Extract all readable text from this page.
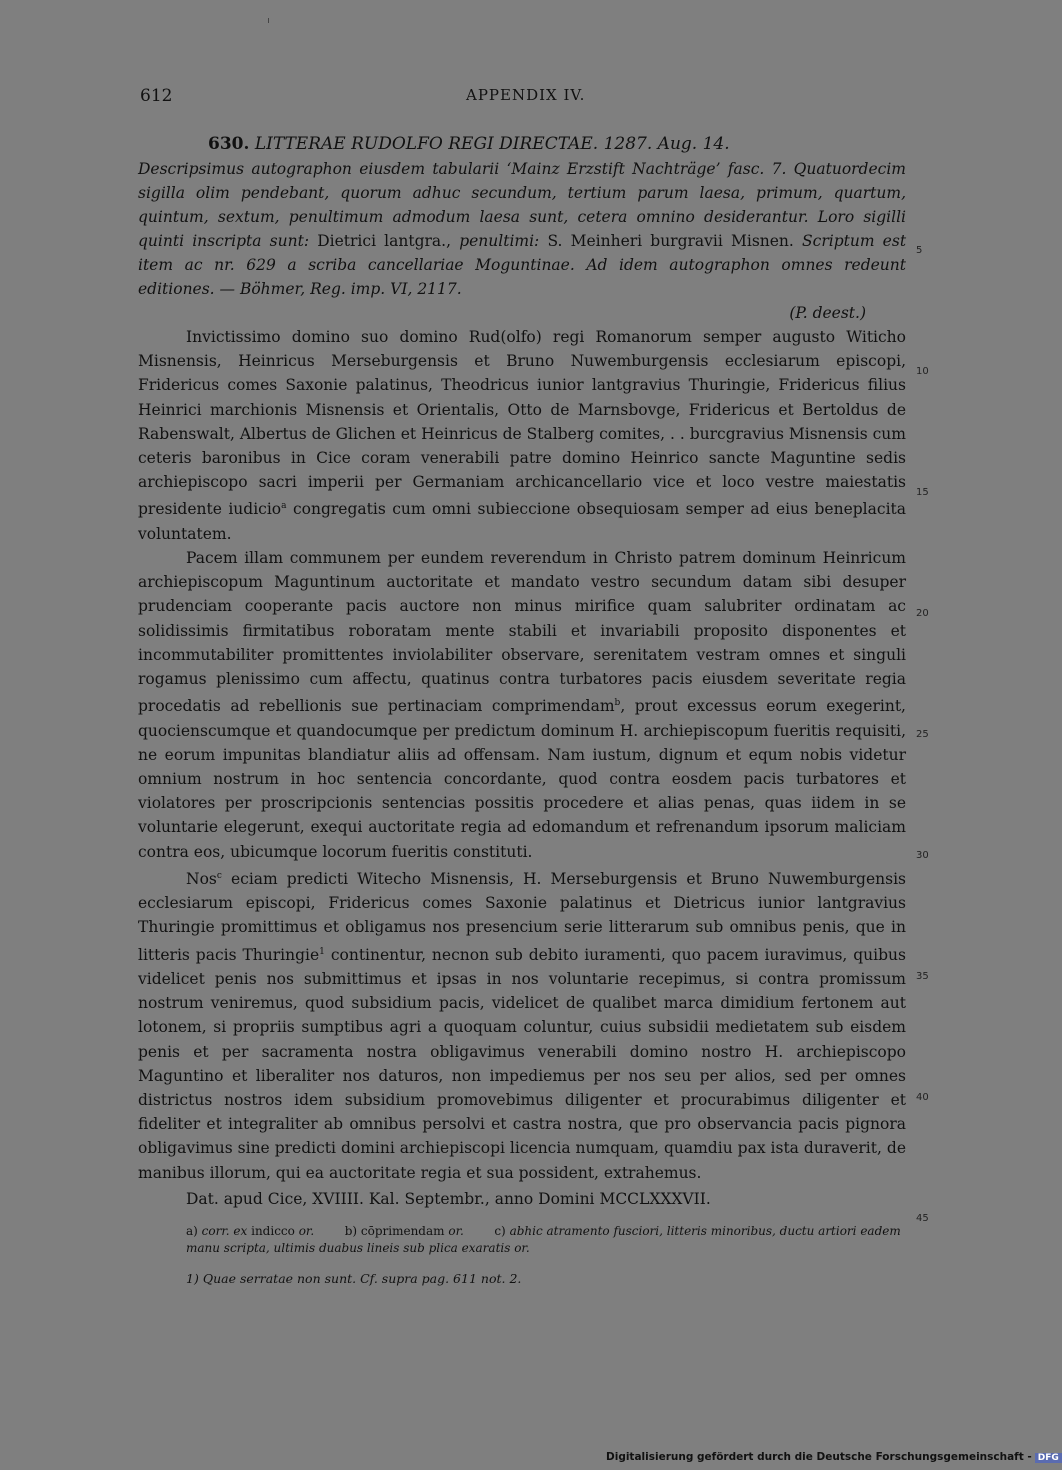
612	APPENDIX IV.
630. LITTERAE RUDOLFO REGI DIRECTAE. 1287. Aug. 14.

Descripsimus autographon eiusdem tabularii ‘Mainz Erzstift Nachträge’ fasc. 7. Quatuordecim sigilla olim pendebant, quorum adhuc secundum, tertium parum laesa, primum, quartum, quintum, sextum, penultimum admodum laesa sunt, cetera omnino desiderantur. Loro sigilli quinti inscripta sunt: Dietrici lantgra., penultimi: S. Meinheri burgravii Misnen. Scriptum est item ac nr. 629 a scriba cancellariae Moguntinae. Ad idem autographon omnes redeunt editiones. — Böhmer, Reg. imp. VI, 2117.

(P. deest.)

Invictissimo domino suo domino Rud(olfo) regi Romanorum semper augusto Witicho Misnensis, Heinricus Merseburgensis et Bruno Nuwemburgensis ecclesiarum episcopi, Fridericus comes Saxonie palatinus, Theodricus iunior lantgravius Thuringie, Fridericus filius Heinrici marchionis Misnensis et Orientalis, Otto de Marnsbovge, Fridericus et Bertoldus de Rabenswalt, Albertus de Glichen et Heinricus de Stalberg comites, . . burcgravius Misnensis cum ceteris baronibus in Cice coram venerabili patre domino Heinrico sancte Maguntine sedis archiepiscopo sacri imperii per Germaniam archicancellario vice et loco vestre maiestatis presidente iudicio$^a$ congregatis cum omni subieccione obsequiosam semper ad eius beneplacita voluntatem.

Pacem illam communem per eundem reverendum in Christo patrem dominum Heinricum archiepiscopum Maguntinum auctoritate et mandato vestro secundum datam sibi desuper prudenciam cooperante pacis auctore non minus mirifice quam salubriter ordinatam ac solidissimis firmitatibus roboratam mente stabili et invariabili proposito disponentes et incommutabiliter promittentes inviolabiliter observare, serenitatem vestram omnes et singuli rogamus plenissimo cum affectu, quatinus contra turbatores pacis eiusdem severitate regia procedatis ad rebellionis sue pertinaciam comprimendam$^b$, prout excessus eorum exegerint, quocienscumque et quandocumque per predictum dominum H. archiepiscopum fueritis requisiti, ne eorum impunitas blandiatur aliis ad offensam. Nam iustum, dignum et equm nobis videtur omnium nostrum in hoc sentencia concordante, quod contra eosdem pacis turbatores et violatores per proscripcionis sentencias possitis procedere et alias penas, quas iidem in se voluntarie elegerunt, exequi auctoritate regia ad edomandum et refrenandum ipsorum maliciam contra eos, ubicumque locorum fueritis constituti.

Nos$^c$ eciam predicti Witecho Misnensis, H. Merseburgensis et Bruno Nuwemburgensis ecclesiarum episcopi, Fridericus comes Saxonie palatinus et Dietricus iunior lantgravius Thuringie promittimus et obligamus nos presencium serie litterarum sub omnibus penis, que in litteris pacis Thuringie$^1$ continentur, necnon sub debito iuramenti, quo pacem iuravimus, quibus videlicet penis nos submittimus et ipsas in nos voluntarie recepimus, si contra promissum nostrum veniremus, quod subsidium pacis, videlicet de qualibet marca dimidium fertonem aut lotonem, si propriis sumptibus agri a quoquam coluntur, cuius subsidii medietatem sub eisdem penis et per sacramenta nostra obligavimus venerabili domino nostro H. archiepiscopo Maguntino et liberaliter nos daturos, non impediemus per nos seu per alios, sed per omnes districtus nostros idem subsidium promovebimus diligenter et procurabimus diligenter et fideliter et integraliter ab omnibus persolvi et castra nostra, que pro observancia pacis pignora obligavimus sine predicti domini archiepiscopi licencia numquam, quamdiu pax ista duraverit, de manibus illorum, qui ea auctoritate regia et sua possident, extrahemus.

Dat. apud Cice, XVIIII. Kal. Septembr., anno Domini MCCLXXXVII.

a) corr. ex indicco or.	b) cōprimendam or.	c) abhic atramento fusciori, litteris minoribus, ductu artiori eadem manu scripta, ultimis duabus lineis sub plica exaratis or.
1) Quae serratae non sunt. Cf. supra pag. 611 not. 2.
5
10
15
20
25
30
35
40
45
Digitalisierung gefördert durch die Deutsche Forschungsgemeinschaft - DFG
